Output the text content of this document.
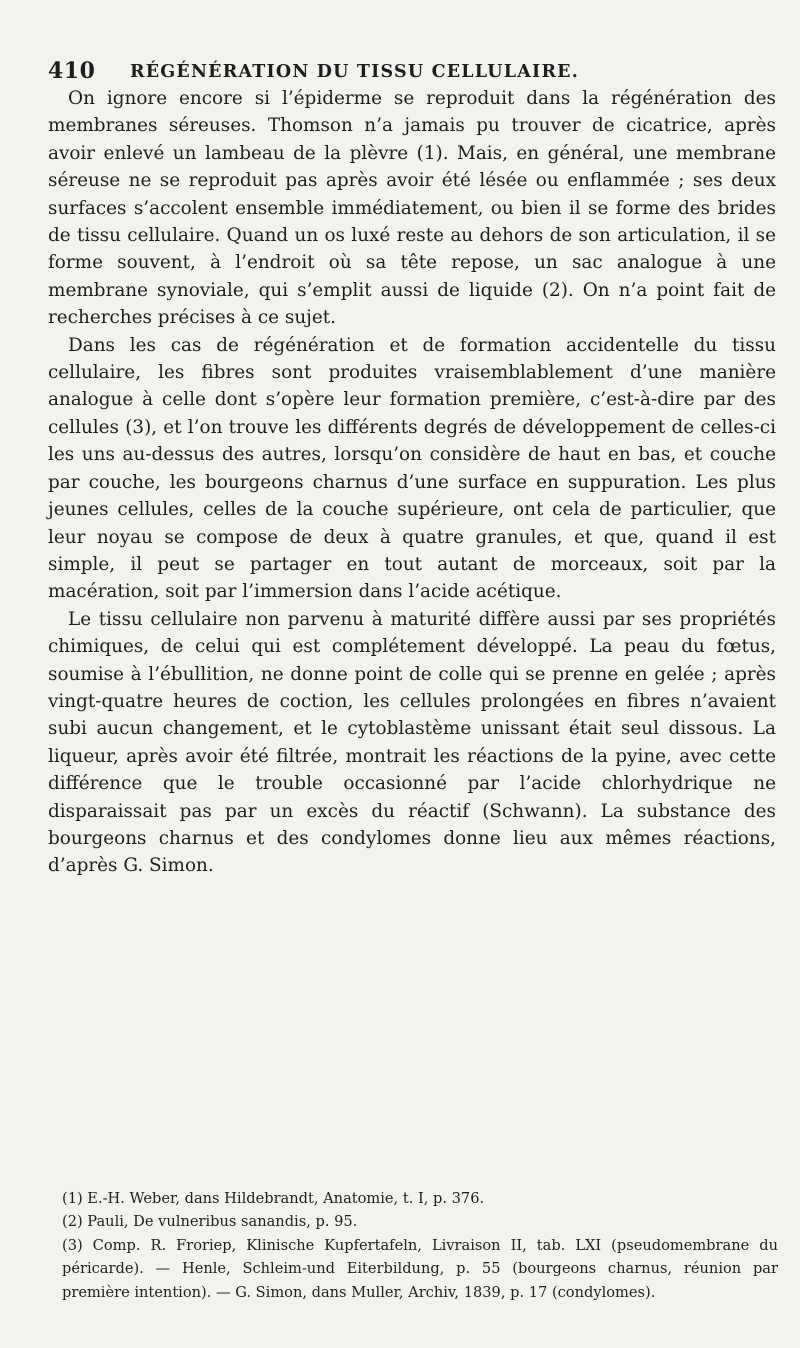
410 RÉGÉNÉRATION DU TISSU CELLULAIRE.

On ignore encore si l’épiderme se reproduit dans la régénération des membranes séreuses. Thomson n’a jamais pu trouver de cicatrice, après avoir enlevé un lambeau de la plèvre (1). Mais, en général, une membrane séreuse ne se reproduit pas après avoir été lésée ou enflammée ; ses deux surfaces s’accolent ensemble immédiatement, ou bien il se forme des brides de tissu cellulaire. Quand un os luxé reste au dehors de son articulation, il se forme souvent, à l’endroit où sa tête repose, un sac analogue à une membrane synoviale, qui s’emplit aussi de liquide (2). On n’a point fait de recherches précises à ce sujet.

Dans les cas de régénération et de formation accidentelle du tissu cellulaire, les fibres sont produites vraisemblablement d’une manière analogue à celle dont s’opère leur formation première, c’est-à-dire par des cellules (3), et l’on trouve les différents degrés de développement de celles-ci les uns au-dessus des autres, lorsqu’on considère de haut en bas, et couche par couche, les bourgeons charnus d’une surface en suppuration. Les plus jeunes cellules, celles de la couche supérieure, ont cela de particulier, que leur noyau se compose de deux à quatre granules, et que, quand il est simple, il peut se partager en tout autant de morceaux, soit par la macération, soit par l’immersion dans l’acide acétique.

Le tissu cellulaire non parvenu à maturité diffère aussi par ses propriétés chimiques, de celui qui est complétement développé. La peau du fœtus, soumise à l’ébullition, ne donne point de colle qui se prenne en gelée ; après vingt-quatre heures de coction, les cellules prolongées en fibres n’avaient subi aucun changement, et le cytoblastème unissant était seul dissous. La liqueur, après avoir été filtrée, montrait les réactions de la pyine, avec cette différence que le trouble occasionné par l’acide chlorhydrique ne disparaissait pas par un excès du réactif (Schwann). La substance des bourgeons charnus et des condylomes donne lieu aux mêmes réactions, d’après G. Simon.

(1) E.-H. Weber, dans Hildebrandt, Anatomie, t. I, p. 376.

(2) Pauli, De vulneribus sanandis, p. 95.

(3) Comp. R. Froriep, Klinische Kupfertafeln, Livraison II, tab. LXI (pseudomembrane du péricarde). — Henle, Schleim-und Eiterbildung, p. 55 (bourgeons charnus, réunion par première intention). — G. Simon, dans Muller, Archiv, 1839, p. 17 (condylomes).
